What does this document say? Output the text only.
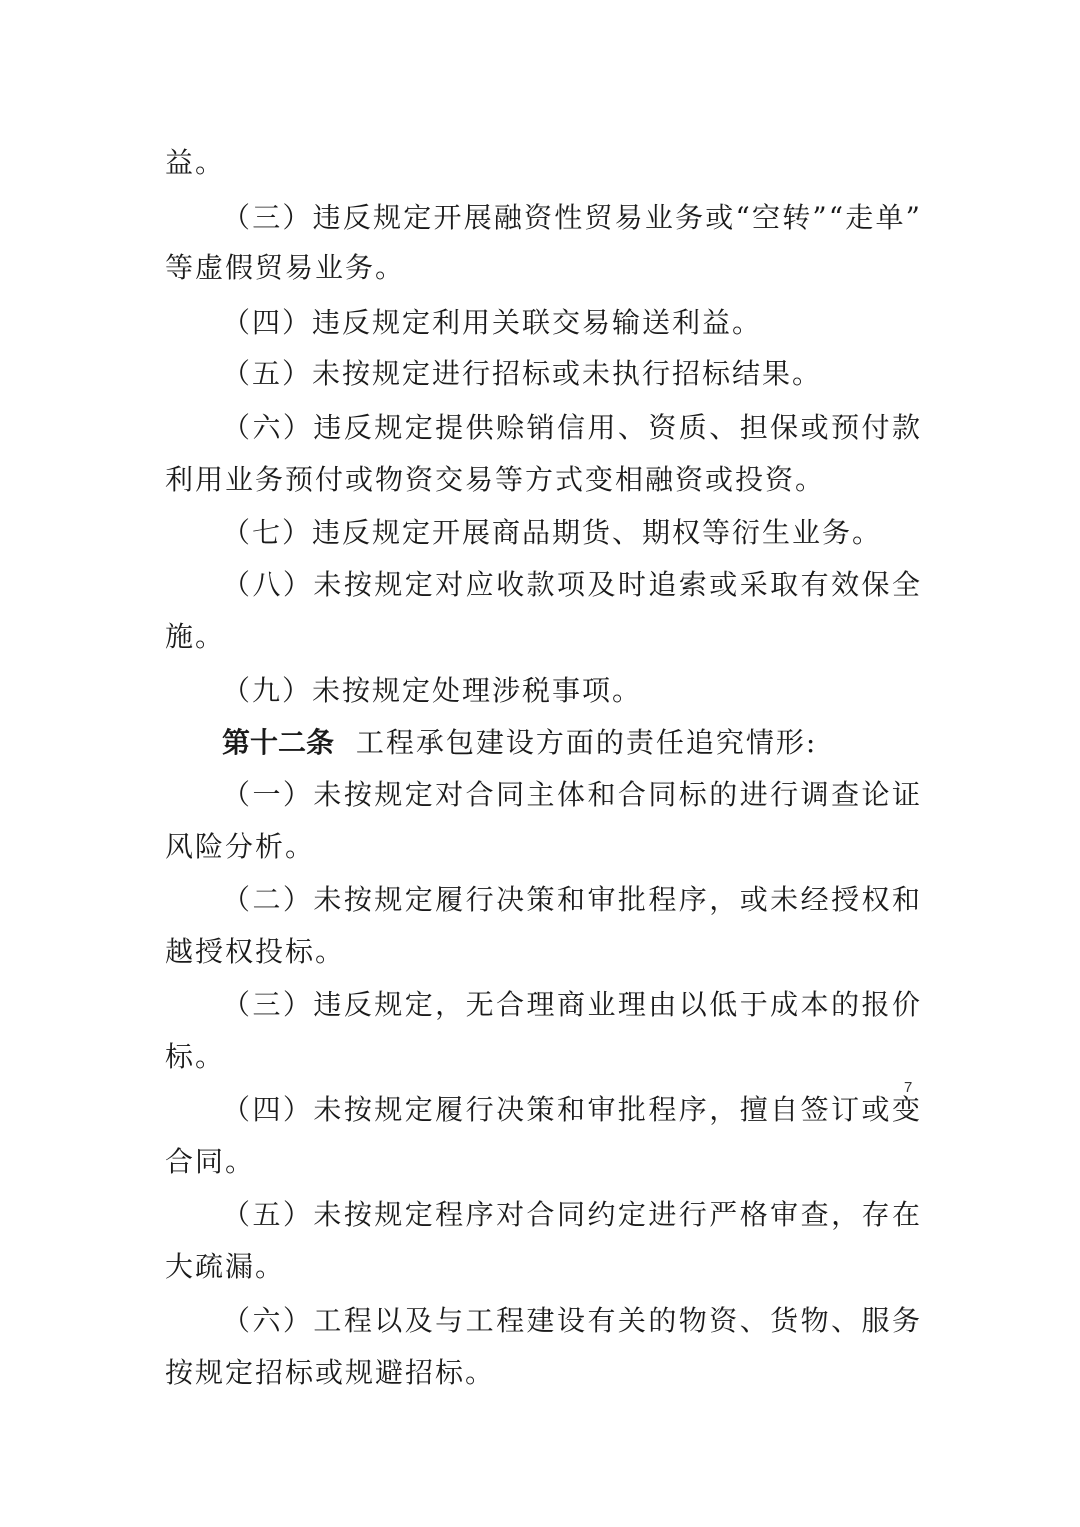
益。
（三）违反规定开展融资性贸易业务或“空转”“走单”
等虚假贸易业务。
（四）违反规定利用关联交易输送利益。
（五）未按规定进行招标或未执行招标结果。
（六）违反规定提供赊销信用、资质、担保或预付款
利用业务预付或物资交易等方式变相融资或投资。
（七）违反规定开展商品期货、期权等衍生业务。
（八）未按规定对应收款项及时追索或采取有效保全
施。
（九）未按规定处理涉税事项。
第十二条 工程承包建设方面的责任追究情形:
（一）未按规定对合同主体和合同标的进行调查论证
风险分析。
（二）未按规定履行决策和审批程序，或未经授权和
越授权投标。
（三）违反规定，无合理商业理由以低于成本的报价
标。
（四）未按规定履行决策和审批程序，擅自签订或变
合同。
（五）未按规定程序对合同约定进行严格审查，存在
大疏漏。
（六）工程以及与工程建设有关的物资、货物、服务
按规定招标或规避招标。
7
